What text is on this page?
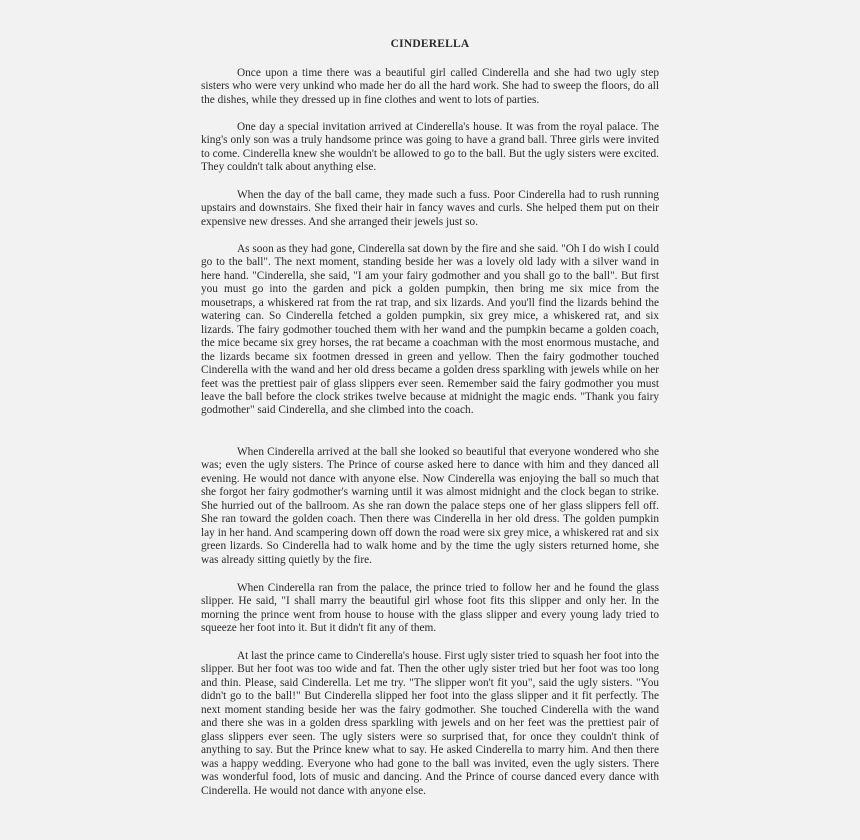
CINDERELLA

Once upon a time there was a beautiful girl called Cinderella and she had two ugly step sisters who were very unkind who made her do all the hard work. She had to sweep the floors, do all the dishes, while they dressed up in fine clothes and went to lots of parties.

One day a special invitation arrived at Cinderella's house. It was from the royal palace. The king's only son was a truly handsome prince was going to have a grand ball. Three girls were invited to come. Cinderella knew she wouldn't be allowed to go to the ball. But the ugly sisters were excited. They couldn't talk about anything else.

When the day of the ball came, they made such a fuss. Poor Cinderella had to rush running upstairs and downstairs. She fixed their hair in fancy waves and curls. She helped them put on their expensive new dresses. And she arranged their jewels just so.

As soon as they had gone, Cinderella sat down by the fire and she said. "Oh I do wish I could go to the ball". The next moment, standing beside her was a lovely old lady with a silver wand in here hand. "Cinderella, she said, "I am your fairy godmother and you shall go to the ball". But first you must go into the garden and pick a golden pumpkin, then bring me six mice from the mousetraps, a whiskered rat from the rat trap, and six lizards. And you'll find the lizards behind the watering can. So Cinderella fetched a golden pumpkin, six grey mice, a whiskered rat, and six lizards. The fairy godmother touched them with her wand and the pumpkin became a golden coach, the mice became six grey horses, the rat became a coachman with the most enormous mustache, and the lizards became six footmen dressed in green and yellow. Then the fairy godmother touched Cinderella with the wand and her old dress became a golden dress sparkling with jewels while on her feet was the prettiest pair of glass slippers ever seen. Remember said the fairy godmother you must leave the ball before the clock strikes twelve because at midnight the magic ends. "Thank you fairy godmother" said Cinderella, and she climbed into the coach.

When Cinderella arrived at the ball she looked so beautiful that everyone wondered who she was; even the ugly sisters. The Prince of course asked here to dance with him and they danced all evening. He would not dance with anyone else. Now Cinderella was enjoying the ball so much that she forgot her fairy godmother's warning until it was almost midnight and the clock began to strike. She hurried out of the ballroom. As she ran down the palace steps one of her glass slippers fell off. She ran toward the golden coach. Then there was Cinderella in her old dress. The golden pumpkin lay in her hand. And scampering down off down the road were six grey mice, a whiskered rat and six green lizards. So Cinderella had to walk home and by the time the ugly sisters returned home, she was already sitting quietly by the fire.

When Cinderella ran from the palace, the prince tried to follow her and he found the glass slipper. He said, "I shall marry the beautiful girl whose foot fits this slipper and only her. In the morning the prince went from house to house with the glass slipper and every young lady tried to squeeze her foot into it. But it didn't fit any of them.

At last the prince came to Cinderella's house. First ugly sister tried to squash her foot into the slipper. But her foot was too wide and fat. Then the other ugly sister tried but her foot was too long and thin. Please, said Cinderella. Let me try. "The slipper won't fit you", said the ugly sisters. "You didn't go to the ball!" But Cinderella slipped her foot into the glass slipper and it fit perfectly. The next moment standing beside her was the fairy godmother. She touched Cinderella with the wand and there she was in a golden dress sparkling with jewels and on her feet was the prettiest pair of glass slippers ever seen. The ugly sisters were so surprised that, for once they couldn't think of anything to say. But the Prince knew what to say. He asked Cinderella to marry him. And then there was a happy wedding. Everyone who had gone to the ball was invited, even the ugly sisters. There was wonderful food, lots of music and dancing. And the Prince of course danced every dance with Cinderella. He would not dance with anyone else.
